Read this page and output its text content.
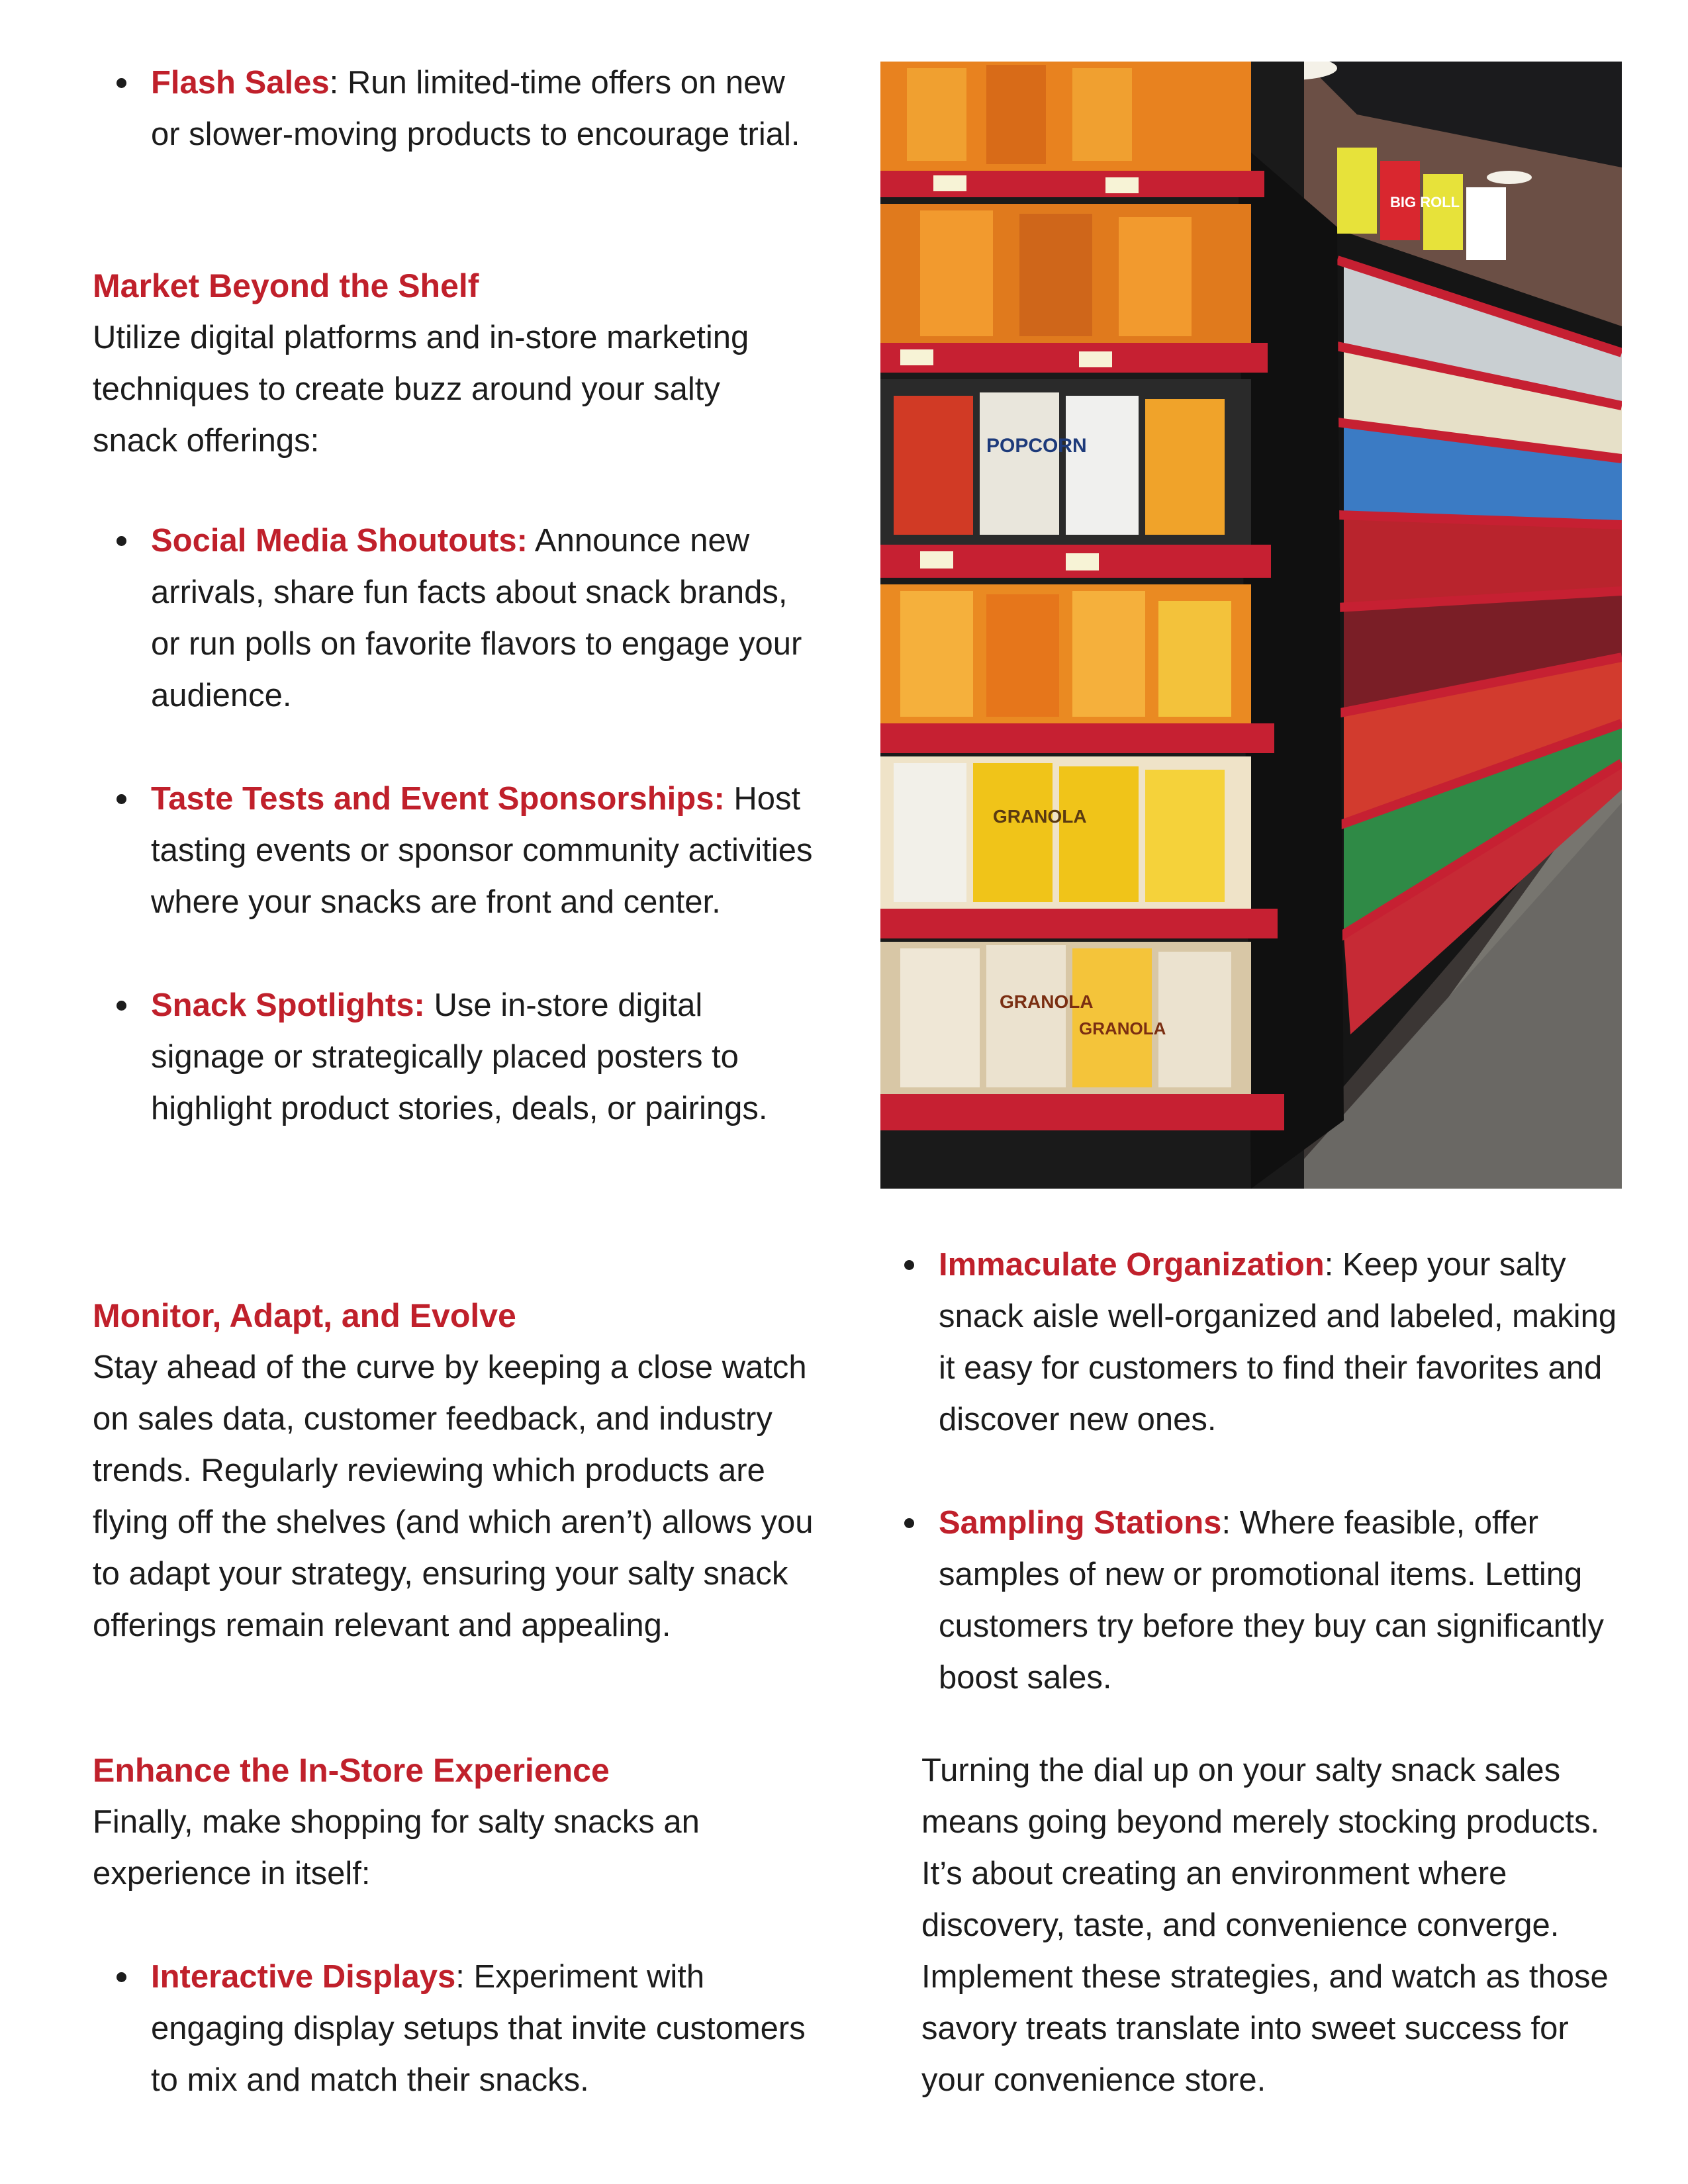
Flash Sales: Run limited-time offers on new or slower-moving products to encourage trial.
Market Beyond the Shelf

Utilize digital platforms and in-store marketing techniques to create buzz around your salty snack offerings:

Social Media Shoutouts: Announce new arrivals, share fun facts about snack brands, or run polls on favorite flavors to engage your audience.
Taste Tests and Event Sponsorships: Host tasting events or sponsor community activities where your snacks are front and center.
Snack Spotlights: Use in-store digital signage or strategically placed posters to highlight product stories, deals, or pairings.
Monitor, Adapt, and Evolve

Stay ahead of the curve by keeping a close watch on sales data, customer feedback, and industry trends. Regularly reviewing which products are flying off the shelves (and which aren’t) allows you to adapt your strategy, ensuring your salty snack offerings remain relevant and appealing.

Enhance the In-Store Experience

Finally, make shopping for salty snacks an experience in itself:

Interactive Displays: Experiment with engaging display setups that invite customers to mix and match their snacks.
BIG ROLL
POPCORN
GRANOLA
GRANOLA
GRANOLA
Immaculate Organization: Keep your salty snack aisle well-organized and labeled, making it easy for customers to find their favorites and discover new ones.
Sampling Stations: Where feasible, offer samples of new or promotional items. Letting customers try before they buy can significantly boost sales.

Turning the dial up on your salty snack sales means going beyond merely stocking products. It’s about creating an environment where discovery, taste, and convenience converge. Implement these strategies, and watch as those savory treats translate into sweet success for your convenience store.
